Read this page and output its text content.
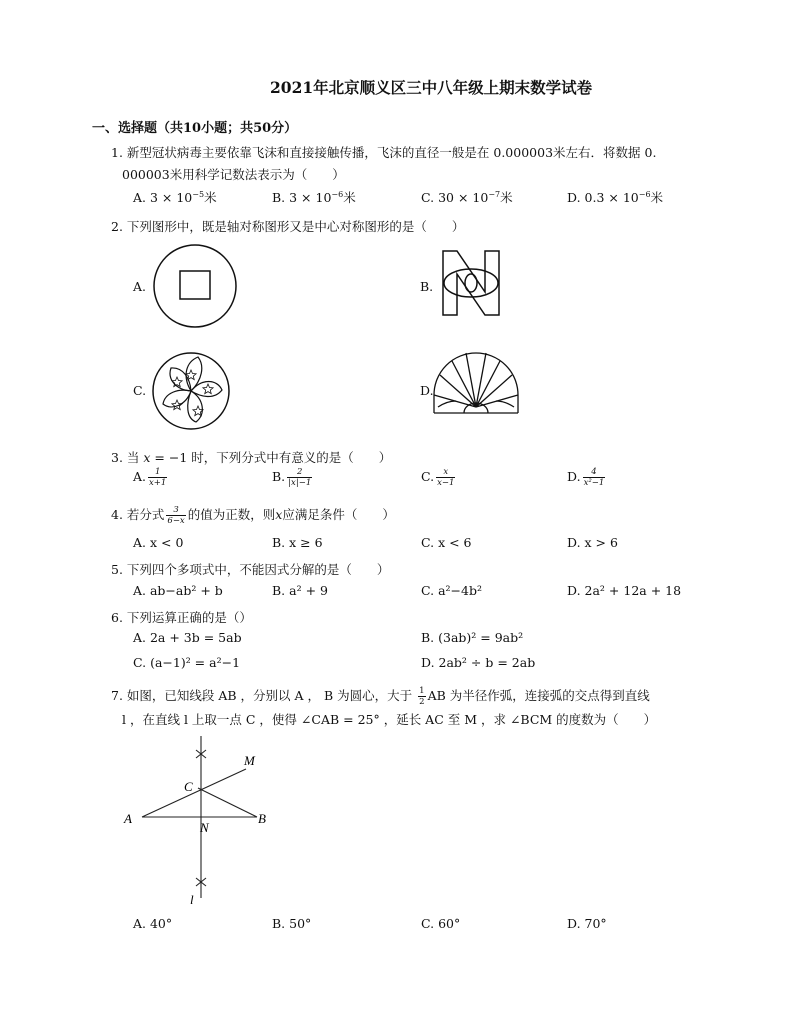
2021年北京顺义区三中八年级上期末数学试卷
一、选择题（共10小题；共50分）
1. 新型冠状病毒主要依靠飞沫和直接接触传播，飞沫的直径一般是在 0.000003米左右．将数据 0.
000003米用科学记数法表示为（　　）
A. $3 \times 10^{-5}$米	B. $3 \times 10^{-6}$米	C. $30 \times 10^{-7}$米	D. $0.3 \times 10^{-6}$米
2. 下列图形中，既是轴对称图形又是中心对称图形的是（　　）
A.	B.
C.	D.
3. 当 x = −1 时，下列分式中有意义的是（　　）
A. $\frac{1}{x+1}$	B. $\frac{2}{|x|-1}$	C. $\frac{x}{x-1}$	D. $\frac{4}{\text{x²−1}}$
4. 若分式 $\frac{3}{6-x}$ 的值为正数，则x应满足条件（　　）
A. x < 0	B. x ≥ 6	C. x < 6	D. x > 6
5. 下列四个多项式中，不能因式分解的是（　　）
A. ab−ab² + b	B. a² + 9	C. a²−4b²	D. 2a² + 12a + 18
6. 下列运算正确的是（）
A. 2a + 3b = 5ab	B. (3ab)² = 9ab²
C. (a−1)² = a²−1	D. 2ab² ÷ b = 2ab
7. 如图，已知线段 AB ，分别以 A ， B 为圆心，大于 $\frac{1}{2}$ AB 为半径作弧，连接弧的交点得到直线
l ，在直线 l 上取一点 C ，使得 ∠CAB = 25° ，延长 AC 至 M ，求 ∠BCM 的度数为（　　）
A	B
C
M
N
l
A. 40°	B. 50°	C. 60°	D. 70°
